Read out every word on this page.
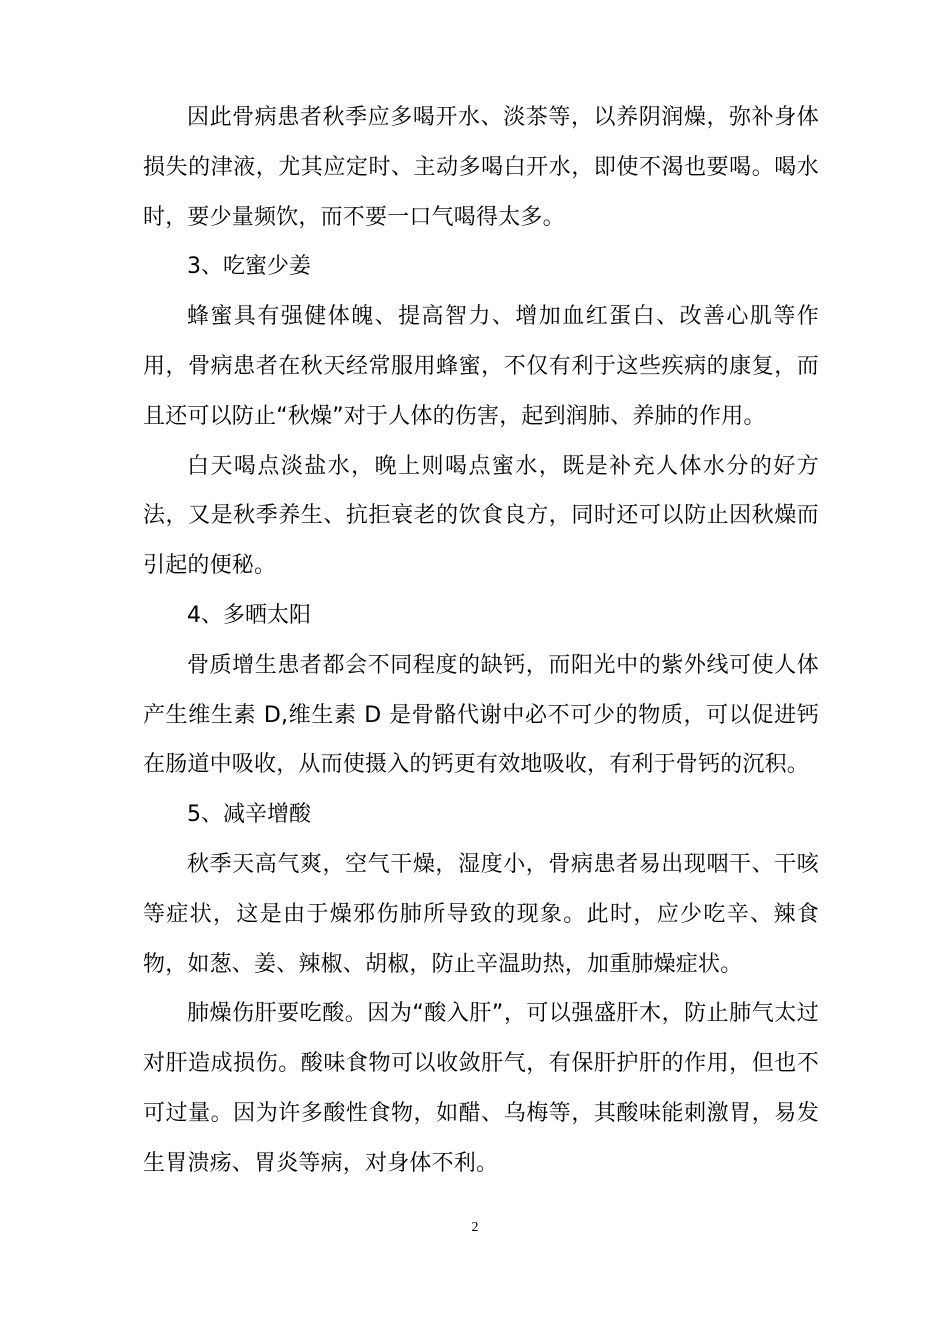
因此骨病患者秋季应多喝开水、淡茶等，以养阴润燥，弥补身体损失的津液，尤其应定时、主动多喝白开水，即使不渴也要喝。喝水时，要少量频饮，而不要一口气喝得太多。

3、吃蜜少姜

蜂蜜具有强健体魄、提高智力、增加血红蛋白、改善心肌等作用，骨病患者在秋天经常服用蜂蜜，不仅有利于这些疾病的康复，而且还可以防止“秋燥”对于人体的伤害，起到润肺、养肺的作用。

白天喝点淡盐水，晚上则喝点蜜水，既是补充人体水分的好方法，又是秋季养生、抗拒衰老的饮食良方，同时还可以防止因秋燥而引起的便秘。

4、多晒太阳

骨质增生患者都会不同程度的缺钙，而阳光中的紫外线可使人体产生维生素 D,维生素 D 是骨骼代谢中必不可少的物质，可以促进钙在肠道中吸收，从而使摄入的钙更有效地吸收，有利于骨钙的沉积。

5、减辛增酸

秋季天高气爽，空气干燥，湿度小，骨病患者易出现咽干、干咳等症状，这是由于燥邪伤肺所导致的现象。此时，应少吃辛、辣食物，如葱、姜、辣椒、胡椒，防止辛温助热，加重肺燥症状。

肺燥伤肝要吃酸。因为“酸入肝”，可以强盛肝木，防止肺气太过对肝造成损伤。酸味食物可以收敛肝气，有保肝护肝的作用，但也不可过量。因为许多酸性食物，如醋、乌梅等，其酸味能刺激胃，易发生胃溃疡、胃炎等病，对身体不利。

2
